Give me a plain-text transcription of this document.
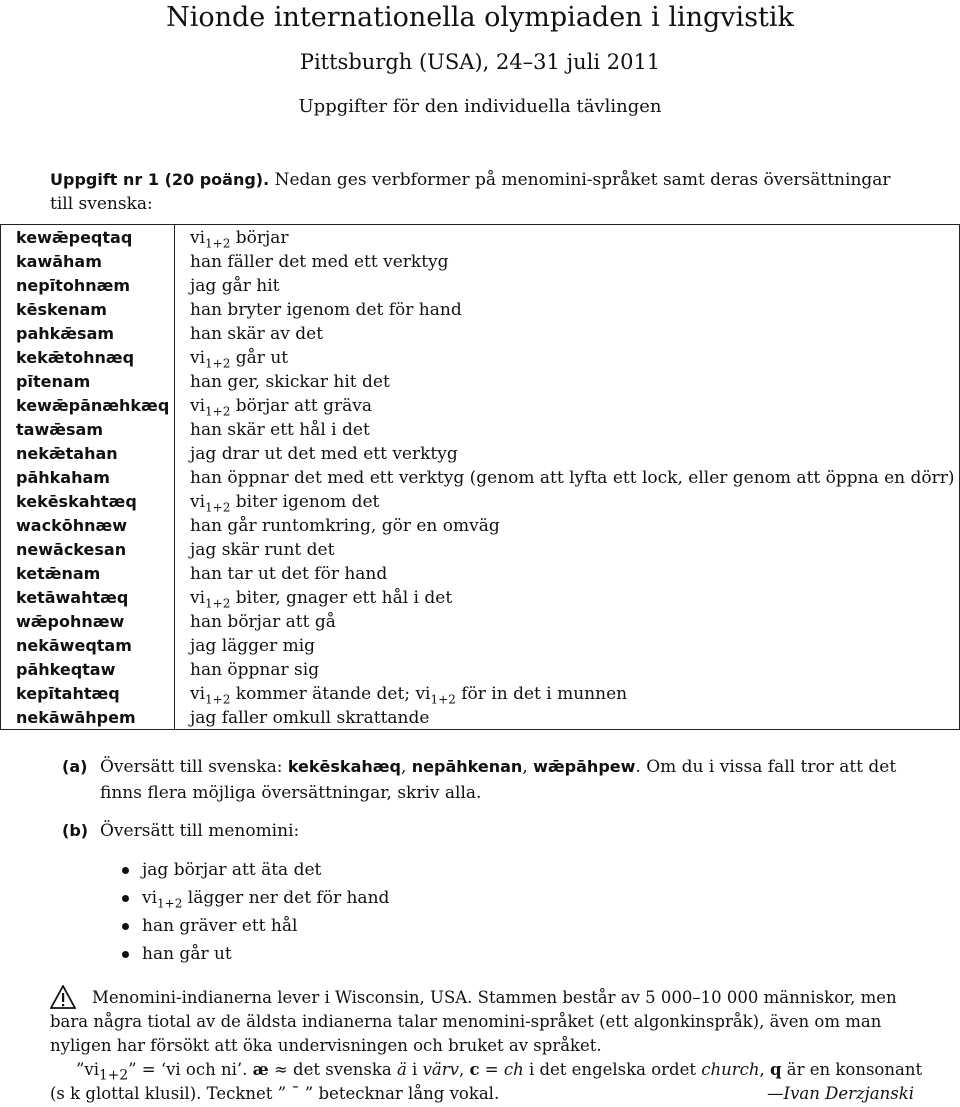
Nionde internationella olympiaden i lingvistik
Pittsburgh (USA), 24–31 juli 2011
Uppgifter för den individuella tävlingen
Uppgift nr 1 (20 poäng). Nedan ges verbformer på menomini-språket samt deras översättningar
till svenska:
kewǣpeqtaq	$vi_{1+2}$ börjar
kawāham	han fäller det med ett verktyg
nepītohnæm	jag går hit
kēskenam	han bryter igenom det för hand
pahkǣsam	han skär av det
kekǣtohnæq	$vi_{1+2}$ går ut
pītenam	han ger, skickar hit det
kewǣpānæhkæq $vi_{1+2}$ börjar att gräva
tawǣsam	han skär ett hål i det
nekǣtahan	jag drar ut det med ett verktyg
pāhkaham	han öppnar det med ett verktyg (genom att lyfta ett lock, eller genom att öppna en dörr)
kekēskahtæq	$vi_{1+2}$ biter igenom det
wackōhnæw	han går runtomkring, gör en omväg
newāckesan	jag skär runt det
ketǣnam	han tar ut det för hand
ketāwahtæq	$vi_{1+2}$ biter, gnager ett hål i det
wǣpohnæw	han börjar att gå
nekāweqtam	jag lägger mig
pāhkeqtaw	han öppnar sig
kepītahtæq	$vi_{1+2}$ kommer ätande det; $vi_{1+2}$ för in det i munnen
nekāwāhpem	jag faller omkull skrattande
(a) Översätt till svenska: kekēskahæq, nepāhkenan, wǣpāhpew. Om du i vissa fall tror att det
finns flera möjliga översättningar, skriv alla.
(b) Översätt till menomini:
jag börjar att äta det
$vi_{1+2}$ lägger ner det för hand
han gräver ett hål
han går ut
Menomini-indianerna lever i Wisconsin, USA. Stammen består av 5 000–10 000 människor, men
bara några tiotal av de äldsta indianerna talar menomini-språket (ett algonkinspråk), även om man
nyligen har försökt att öka undervisningen och bruket av språket.
$”vi_{1+2}$” = ‘vi och ni’. æ ≈ det svenska ä i värv, c = ch i det engelska ordet church, q är en konsonant
(s k glottal klusil). Tecknet ” ¯ ” betecknar lång vokal.	—Ivan Derzjanski
